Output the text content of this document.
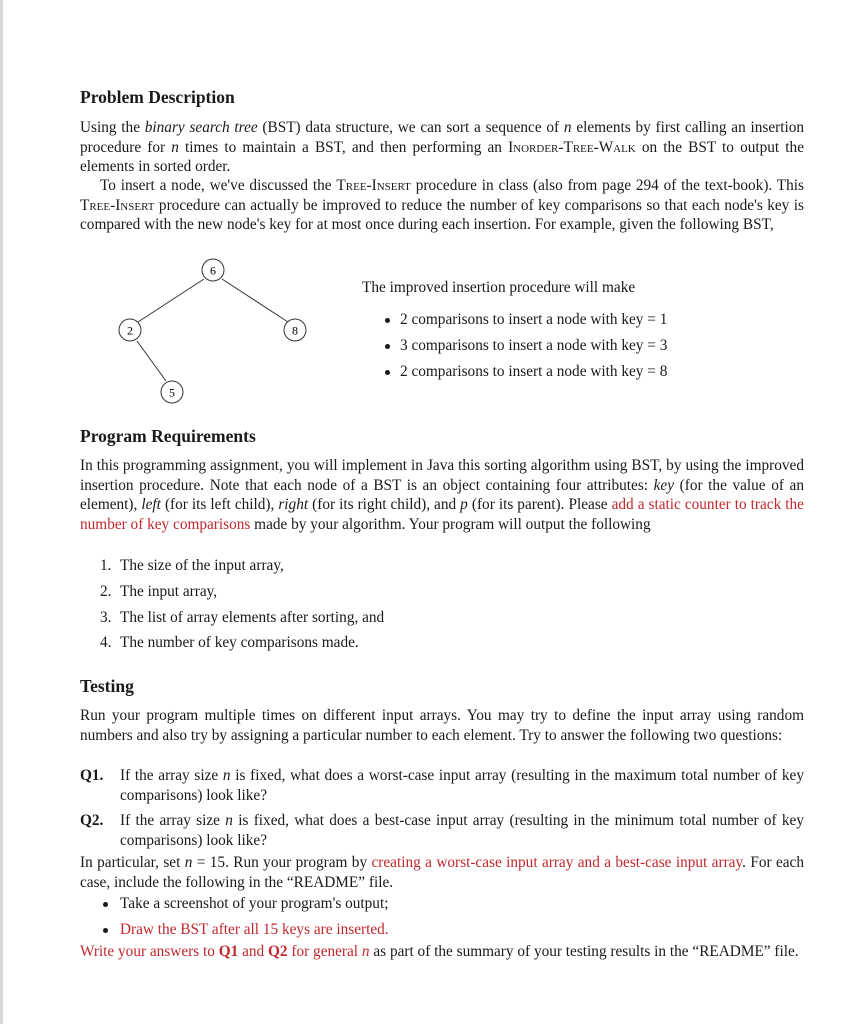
Problem Description
Using the binary search tree (BST) data structure, we can sort a sequence of n elements by first calling an insertion procedure for n times to maintain a BST, and then performing an Inorder-Tree-Walk on the BST to output the elements in sorted order.
To insert a node, we've discussed the Tree-Insert procedure in class (also from page 294 of the text-book). This Tree-Insert procedure can actually be improved to reduce the number of key comparisons so that each node's key is compared with the new node's key for at most once during each insertion. For example, given the following BST,
6
2	8
5
The improved insertion procedure will make
2 comparisons to insert a node with key = 1
3 comparisons to insert a node with key = 3
2 comparisons to insert a node with key = 8
Program Requirements
In this programming assignment, you will implement in Java this sorting algorithm using BST, by using the improved insertion procedure. Note that each node of a BST is an object containing four attributes: key (for the value of an element), left (for its left child), right (for its right child), and p (for its parent). Please add a static counter to track the number of key comparisons made by your algorithm. Your program will output the following
1. The size of the input array,
2. The input array,
3. The list of array elements after sorting, and
4. The number of key comparisons made.
Testing
Run your program multiple times on different input arrays. You may try to define the input array using random numbers and also try by assigning a particular number to each element. Try to answer the following two questions:
Q1. If the array size n is fixed, what does a worst-case input array (resulting in the maximum total number of key comparisons) look like?
Q2. If the array size n is fixed, what does a best-case input array (resulting in the minimum total number of key comparisons) look like?
In particular, set n = 15. Run your program by creating a worst-case input array and a best-case input array. For each case, include the following in the “README” file.
Take a screenshot of your program's output;
Draw the BST after all 15 keys are inserted.
Write your answers to Q1 and Q2 for general n as part of the summary of your testing results in the “README” file.
